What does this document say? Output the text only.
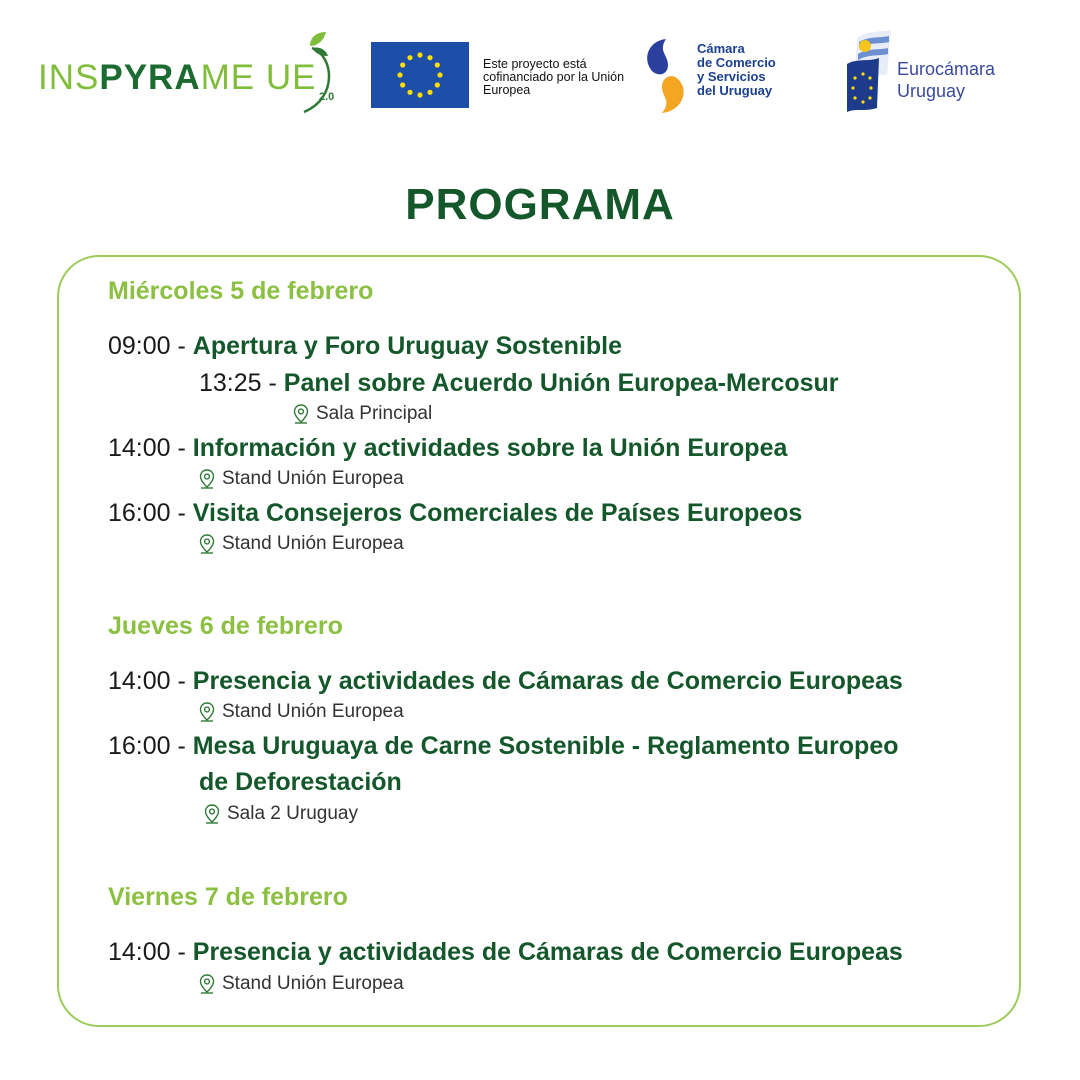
INSPYRAME UE 2.0
Este proyecto está cofinanciado por la Unión Europea
Cámara
de Comercio
y Servicios
del Uruguay
Eurocámara
Uruguay
PROGRAMA
Miércoles 5 de febrero
09:00 - Apertura y Foro Uruguay Sostenible
13:25 - Panel sobre Acuerdo Unión Europea-Mercosur
Sala Principal
14:00 - Información y actividades sobre la Unión Europea
Stand Unión Europea
16:00 - Visita Consejeros Comerciales de Países Europeos
Stand Unión Europea
Jueves 6 de febrero
14:00 - Presencia y actividades de Cámaras de Comercio Europeas
Stand Unión Europea
16:00 - Mesa Uruguaya de Carne Sostenible - Reglamento Europeo
de Deforestación
Sala 2 Uruguay
Viernes 7 de febrero
14:00 - Presencia y actividades de Cámaras de Comercio Europeas
Stand Unión Europea
